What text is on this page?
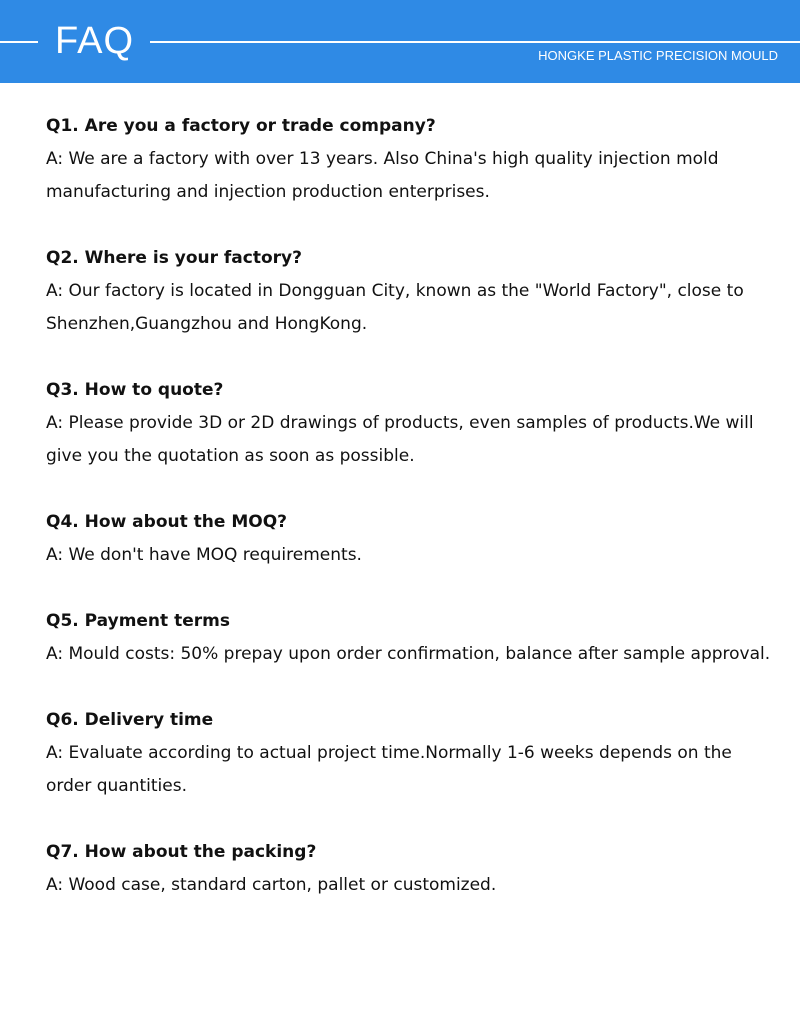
FAQ	HONGKE PLASTIC PRECISION MOULD

Q1. Are you a factory or trade company?

A: We are a factory with over 13 years. Also China's high quality injection mold manufacturing and injection production enterprises.

Q2. Where is your factory?

A: Our factory is located in Dongguan City, known as the "World Factory", close to Shenzhen,Guangzhou and HongKong.

Q3. How to quote?

A: Please provide 3D or 2D drawings of products, even samples of products.We will give you the quotation as soon as possible.

Q4. How about the MOQ?

A: We don't have MOQ requirements.

Q5. Payment terms

A: Mould costs: 50% prepay upon order confirmation, balance after sample approval.

Q6. Delivery time

A: Evaluate according to actual project time.Normally 1-6 weeks depends on the order quantities.

Q7. How about the packing?

A: Wood case, standard carton, pallet or customized.
